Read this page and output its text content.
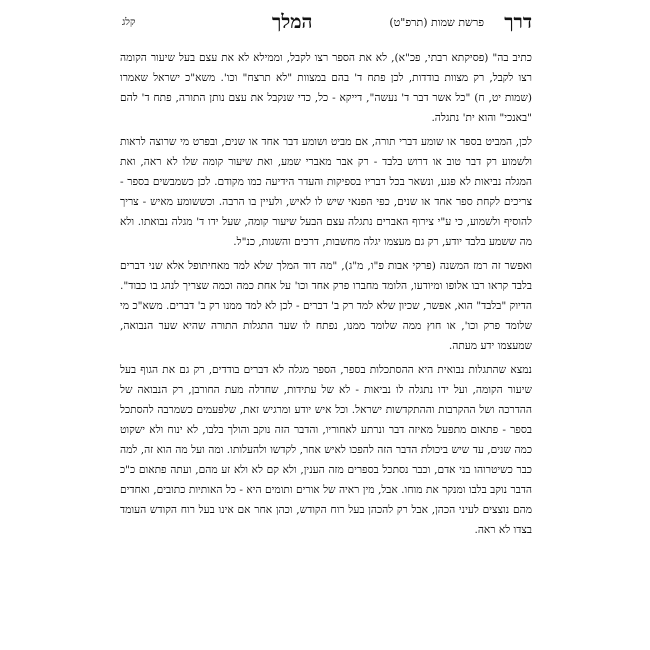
דרך
פרשת שמות (תרפ"ט)
המלך
קלג

כתיב בה" (פסיקתא רבתי, פכ"א), לא את הספר רצו לקבל, וממילא לא את עצם בעל שיעור הקומה רצו לקבל, רק מצוות בודדות, לכן פתח ד' בהם במצוות "לא תרצח" וכו'. משא"כ ישראל שאמרו (שמות יט, ח) "כל אשר דבר ד' נעשה", דייקא - כל, כדי שנקבל את עצם נותן התורה, פתח ד' להם "באנכי" והוא ית' נתגלה.

לכן, המביט בספר או שומע דברי תורה, אם מביט ושומע דבר אחד או שנים, ובפרט מי שרוצה לראות ולשמוע רק דבר טוב או דרוש בלבד - רק אבר מאברי שמע, ואת שיעור קומה שלו לא ראה, ואת המגלה נביאות לא פגע, ונשאר בכל דבריו בספיקות והעדר הידיעה כמו מקודם. לכן כשמבשים בספר - צריכים לקחת ספר אחד או שנים, כפי הפנאי שיש לו לאיש, ולעיין בו הרבה. וכששומע מאיש - צריך להוסיף ולשמוע, כי ע"י צירוף האברים נתגלה עצם הבעל שיעור קומה, שעל ידו ד' מגלה נבואתו. ולא מה ששמע בלבד יודע, רק גם מעצמו יגלה מחשבות, דרכים והשגות, כנ"ל.

ואפשר זה רמז המשנה (פרקי אבות פ"ו, מ"ג), "מה דוד המלך שלא למד מאחיתופל אלא שני דברים בלבד קראו רבו אלופו ומיודעו, הלומד מחברו פרק אחד וכו' על אחת כמה וכמה שצריך לנהג בו כבוד". הדיוק "בלבד" הוא, אפשר, שכיון שלא למד רק ב' דברים - לכן לא למד ממנו רק ב' דברים. משא"כ מי שלומד פרק וכו', או חוץ ממה שלומד ממנו, נפתח לו שער התגלות התורה שהיא שער הנבואה, שמעצמו ידע מעתה.

נמצא שהתגלות נבואית היא ההסתכלות בספר, הספר מגלה לא דברים בודדים, רק גם את הגוף בעל שיעור הקומה, ועל ידו נתגלה לו נביאות - לא של עתידות, שחדלה מעת החורבן, רק הנבואה של ההדרכה ושל ההקרבות וההתקדשות ישראל. וכל איש יודע ומרגיש זאת, שלפעמים כשמרבה להסתכל בספר - פתאום מתפעל מאיזה דבר ונרתע לאחוריו, והדבר הזה נוקב והולך בלבו, לא ינוח ולא ישקוט כמה שנים, עד שיש ביכולת הדבר הזה להפכו לאיש אחר, לקדשו ולהעלותו. ומה ועל מה הוא זה, למה כבר כשיטרוהו בני אדם, וכבר נסתכל בספרים מזה הענין, ולא קם לא ולא זע מהם, ועתה פתאום כ"כ הדבר נוקב בלבו ומנקר את מוחו. אבל, מין ראיה של אורים ותומים היא - כל האותיות כתובים, ואחדים מהם נוצצים לעיני הכהן, אבל רק להכהן בעל רוח הקודש, וכהן אחר אם אינו בעל רוח הקודש העומד בצדו לא ראה.
